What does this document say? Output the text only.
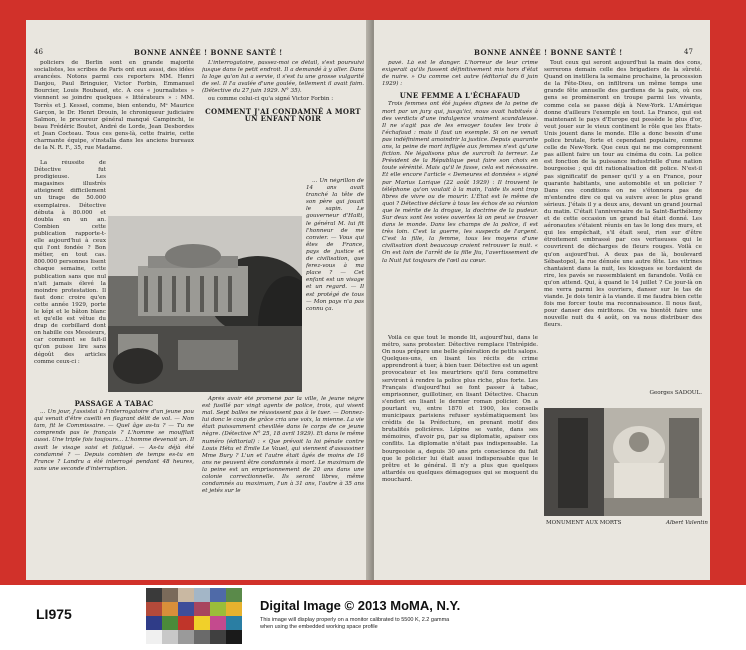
46	BONNE ANNÉE ! BONNE SANTÉ !

policiers de Berlin sont en grande majorité socialistes, les scribes de Paris ont eux aussi, des idées avancées. Notons parmi ces reporters MM. Henri Danjou, Paul Bringuier, Victor Forbin, Emmanuel Bourcier, Louis Roubaud, etc. A ces « journalistes » viennent se joindre quelques « littérateurs » : MM. Torrès et J. Kessel, comme, bien entendu, Mᵉ Maurice Garçon, le Dr. Henri Drouin, le chroniqueur judiciaire Salmon, le procureur général manqué Campinchi, le beau Frédéric Boutet, André de Lorde, Jean Desbordes et Jean Cocteau. Tous ces gens-là, cette frairie, cette charmante équipe, s'installa dans les anciens bureaux de la N. R. F., 35, rue Madame.

La réussite de Détective fut prodigieuse. Les magasines illustrés atteignent difficilement un tirage de 50.000 exemplaires. Détective débuta à 80.000 et doubla en un an. Combien cette publication rapporte-t-elle aujourd'hui à ceux qui l'ont fondée ? Bon métier, en tout cas. 800.000 personnes lisent chaque semaine, cette publication sans que nul n'ait jamais élevé la moindre protestation. Il faut donc croire qu'en cette année 1929, porte le képi et le bâton blanc et qu'elle est vêtue du drap de corbillard dont on habille ces Messieurs, car comment se fait-il qu'on puisse lire sans dégoût des articles comme ceux-ci :

PASSAGE A TABAC

... Un jour, j'assistai à l'interrogatoire d'un jeune pou qui venait d'être cueilli en flagrant délit de vol. — Non tam, fit le Commissaire. — Quel âge as-tu ? — Tu ne comprends pas le français ? L'homme se moufflait aussi. Une triple fois toujours... L'homme devenait un. Il avait le visage saisi et fatigué. — As-tu déjà été condamné ? — Depuis combien de temps es-tu en France ? Landru a été interrogé pendant 48 heures, sans une seconde d'interruption.

L'interrogatoire, passez-moi ce détail, s'est poursuivi jusque dans le petit endroit. Il a demandé à y aller. Dans la loge qu'on lui a servie, il s'est tu une grosse vulgarité de sel. Il l'a avalée d'une goulée, tellement il avait faim. (Détective du 27 juin 1929. N° 35).

ou comme celui-ci qu'a signé Victor Forbin :

COMMENT J'AI CONDAMNÉ A MORT UN ENFANT NOIR

... Un négrillon de 14 ans avait tranché la tête de son père qui jouait le sapin. Le gouverneur d'Haïti, le général M. lui fit l'honneur de me convier. — Vous qui êtes de France, pays de justice et de civilisation, que ferez-vous à ma place ? — Cet enfant est un visage et un regard. — Il est protégé de tous — Mon pays n'a pas connu ça.

Après avoir été promené par la ville, le jeune nègre est fusillé par vingt agents de police, trois, qui visent mal. Sept balles ne réussissent pas à le tuer. — Donnez-lui donc le coup de grâce cria une voix, la mienne. La vie était puissamment chevillée dans le corps de ce jeune nègre. (Détective N° 25, 18 avril 1929). Et dans le même numéro (éditorial) : « Que prévoit la loi pénale contre Louis Hétu et Émile Le Vauel, qui viennent d'assassiner Mme Bury ? L'un et l'autre était âgés de moins de 16 ans ne peuvent être condamnés à mort. Le maximum de la peine est un emprisonnement de 20 ans dans une colonie correctionnelle. Ils seront libres, même condamnés au maximum, l'un à 31 ans, l'autre à 35 ans et jetés sur le

BONNE ANNÉE ! BONNE SANTÉ !	47

pavé. Là est le danger. L'horreur de leur crime exigerait qu'ils fussent définitivement mis hors d'état de nuire. » Ou comme cet autre (éditorial du 6 juin 1929) :

UNE FEMME A L'ÉCHAFAUD

Trois femmes ont été jugées dignes de la peine de mort par un jury qui, jusqu'ici, nous avait habitués à des verdicts d'une indulgence vraiment scandaleuse. Il ne s'agit pas de les envoyer toutes les trois à l'échafaud : mais il faut un exemple. Si on ne venait pas indéfiniment amoindrir la justice. Depuis quarante ans, la peine de mort infligée aux femmes n'est qu'une fiction. Ne légalisons plus de surcroît la terreur. Le Président de la République peut faire son choix en toute sérénité. Mais qu'il le fasse, cela est nécessaire. Et elle encore l'article « Demeures et données » signé par Marius Larique (22 août 1929) : Il trouvent le téléphone qu'on voulait à la main, l'aide ils sont trop libres de vivre ou de mourir. L'État est le même de quoi ? Détective déclare à tous les échos de sa réunion que le mérite de la drogue, la doctrine de la pudeur. Sur deux sont les voies ouvertes là on peut se trouver dans le monde. Dans les champs de la police, il est très loin. C'est la guerre, les suspects de l'argent. C'est la fille, la femme, tous les moyens d'une civilisation dont beaucoup croient retrouver la nuit. « On est loin de l'arrêt de la fille Jiu, l'avertissement de la Nuit fut toujours de l'œil au cœur.

Voilà ce que tout le monde lit, aujourd'hui, dans le métro, sans protester. Détective remplace l'Intrépide. On nous prépare une belle génération de petits salops. Quelques-uns, en lisant les récits de crime apprendront à tuer, à bien tuer. Détective est un agent provocateur et les meurtriers qu'il fera commettre serviront à rendre la police plus riche, plus forte. Les Français d'aujourd'hui se font passer à tabac, emprisonner, guillotiner, en lisant Détective. Chacun s'endort en lisant le dernier roman policier. On a pourtant vu, entre 1870 et 1900, les conseils municipaux parisiens refuser systématiquement les crédits de la Préfecture, en prenant motif des brutalités policières. Lépine se vante, dans ses mémoires, d'avoir pu, par sa diplomatie, apaiser ces conflits. La diplomatie n'était pas indispensable. La bourgeoisie a, depuis 30 ans pris conscience du fait que le policier lui était aussi indispensable que le prêtre et le général. Il n'y a plus que quelques attardés ou quelques démagogues qui se moquent du mouchard.

Tout ceux qui seront aujourd'hui la main des cons, serrerons demain celle des brigadiers de la sûreté. Quand on instillera la semaine prochaine, la procession de la Fête-Dieu, on infiltrera un même temps une grande fête annuelle des gardiens de la paix, où ces gens se promèneront en troupe parmi les vivants, comme cela se passe déjà à New-York. L'Amérique donne d'ailleurs l'exemple en tout. La France, qui est maintenant le pays d'Europe qui possède le plus d'or, veut jouer sur le vieux continent le rôle que les États-Unis jouent dans le monde. Elle a donc besoin d'une police brutale, forte et cependant populaire, comme celle de New-York. Que ceux qui ne me comprennent pas aillent faire un tour au cinéma du coin. La police est fonction de la puissance industrielle d'une nation bourgeoise ; qui dit rationalisation dit police. N'est-il pas significatif de penser qu'il y a en France, pour quarante habitants, une automobile et un policier ? Dans ces conditions on ne s'étonnera pas de m'entendre dire ce qui va suivre avec le plus grand sérieux. J'étais il y a deux ans, devant un grand journal du matin. C'était l'anniversaire de la Saint-Barthélemy et de cette occasion un grand bal était donné. Les aéronautes s'étaient réunis en tas le long des murs, et qui les empêchait, s'il était seul, rien sur d'être étroitement embrassé par ces vertueuses qui le couvrirent de décharges de fleurs rouges. Voilà ce qu'on aujourd'hui. A deux pas de là, boulevard Sébastopol, la rue dénuée une autre fête. Les vitrines chantaient dans la nuit, les kiosques se tordaient de rire, les pavés se rassemblaient en farandole. Voilà ce qu'on attend. Qui, à quand le 14 juillet ? Ce jour-là on me verra parmi les ouvriers, danser sur le tas de viande. Je dois tenir à la viande. il me faudra bien cette fois me forcer toute ma reconnaissance. Il nous faut, pour danser des mirlitons. On va bientôt faire une nouvelle nuit du 4 août, on va nous distribuer des fleurs.

Georges SADOUL.
MONUMENT AUX MORTS	Albert Valentin
LI975
Digital Image © 2013 MoMA, N.Y.
This image will display properly on a monitor calibrated to 5500 K, 2.2 gamma when using the embedded working space profile
